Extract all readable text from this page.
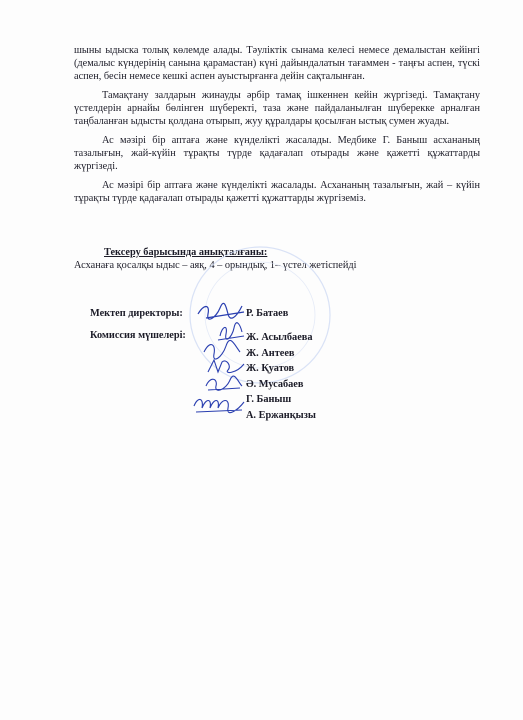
шыны ыдыска толық көлемде алады. Тәуліктік сынама келесі немесе демалыстан кейінгі (демалыс күндерінің санына қарамастан) күні дайындалатын тағаммен - таңғы аспен, түскі аспен, бесін немесе кешкі аспен ауыстырғанға дейін сақталынған.

Тамақтану залдарын жинауды әрбір тамақ ішкеннен кейін жүргізеді. Тамақтану үстелдерін арнайы бөлінген шүберекті, таза және пайдаланылған шүберекке арналған таңбаланған ыдысты қолдана отырып, жуу құралдары қосылған ыстық сумен жуады.

Ас мәзірі бір аптаға және күнделікті жасалады. Медбике Г. Баныш асхананың тазалығын, жай-күйін тұрақты түрде қадағалап отырады және қажетті құжаттарды жүргізеді.

Ас мәзірі бір аптаға және күнделікті жасалады. Асхананың тазалығын, жай – күйін тұрақты түрде қадағалап отырады қажетті құжаттарды жүргіземіз.

Тексеру барысында анықталғаны:
Асханаға қосалқы ыдыс – аяқ, 4 – орындық, 1– үстел жетіспейді
Мектеп директоры:	Р. Батаев
Комиссия мүшелері:	Ж. Асылбаева
Ж. Антеев
Ж. Қуатов
Ә. Мусабаев
Г. Баныш
А. Ержанқызы
